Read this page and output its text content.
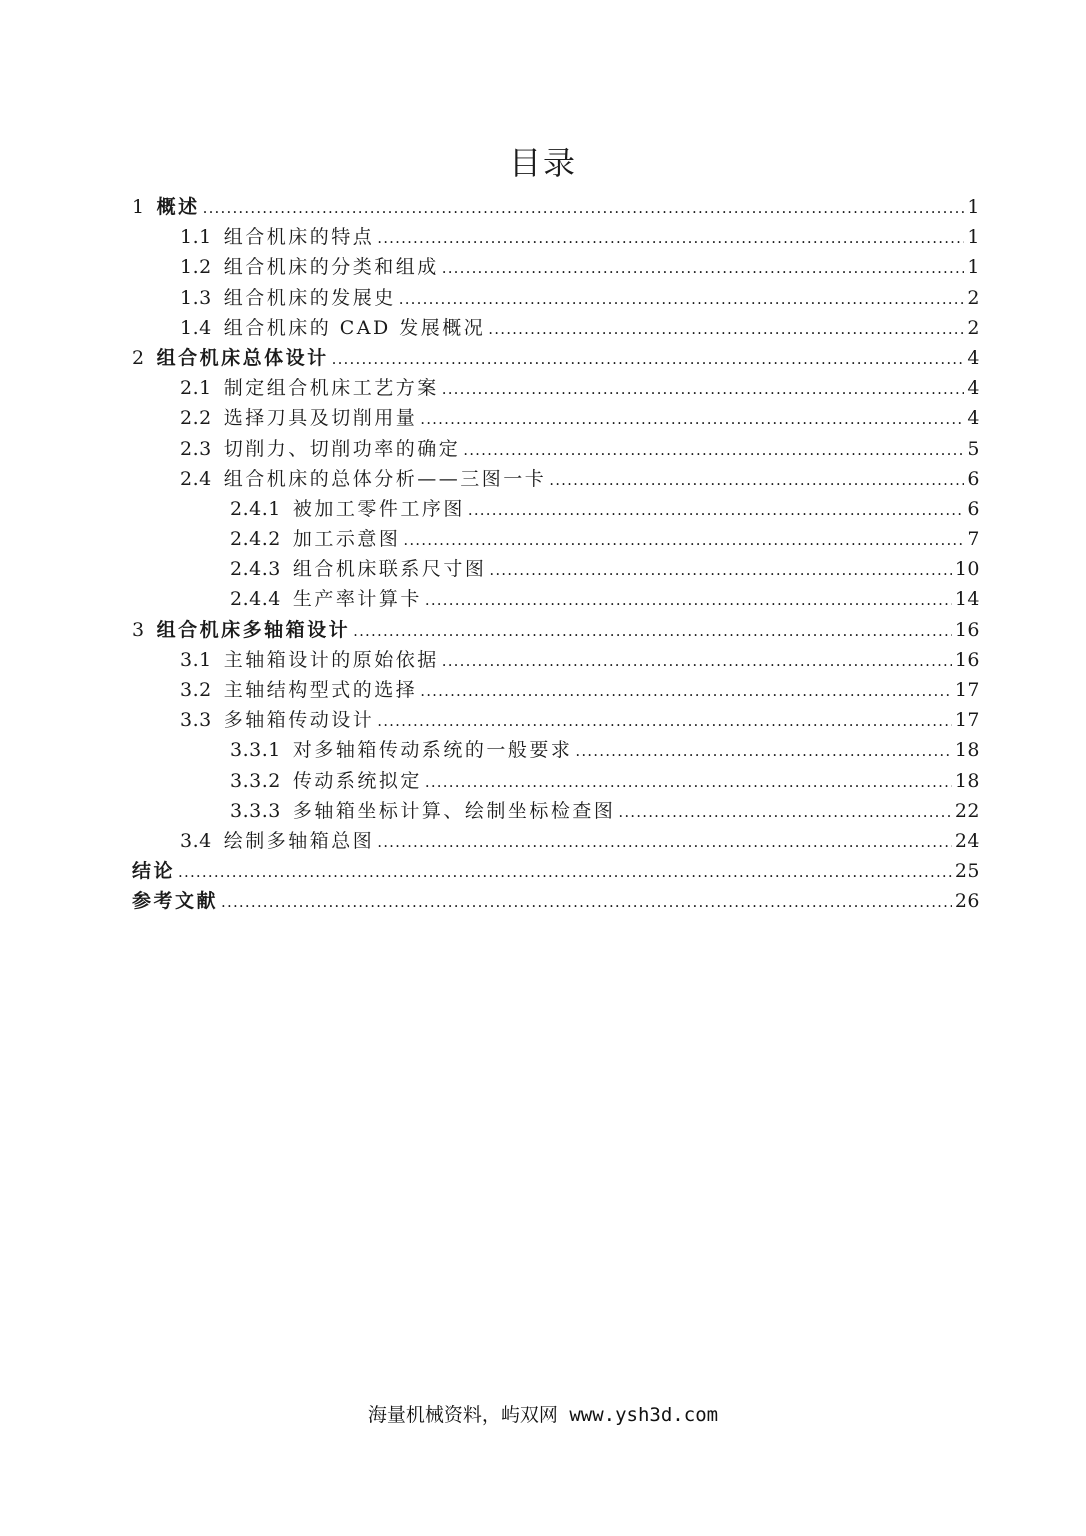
目录
1 概述 .....	1
1.1 组合机床的特点 .....	1
1.2 组合机床的分类和组成 .....	1
1.3 组合机床的发展史 .....	2
1.4 组合机床的 CAD 发展概况 .....	2
2 组合机床总体设计 .....	4
2.1 制定组合机床工艺方案 .....	4
2.2 选择刀具及切削用量 .....	4
2.3 切削力、切削功率的确定 .....	5
2.4 组合机床的总体分析——三图一卡 .....	6
2.4.1 被加工零件工序图 .....	6
2.4.2 加工示意图 .....	7
2.4.3 组合机床联系尺寸图 .....	10
2.4.4 生产率计算卡 .....	14
3 组合机床多轴箱设计 .....	16
3.1 主轴箱设计的原始依据 .....	16
3.2 主轴结构型式的选择 .....	17
3.3 多轴箱传动设计 .....	17
3.3.1 对多轴箱传动系统的一般要求 .....	18
3.3.2 传动系统拟定 .....	18
3.3.3 多轴箱坐标计算、绘制坐标检查图 .....	22
3.4 绘制多轴箱总图 .....	24
结论 .....	25
参考文献 .....	26
海量机械资料，屿双网 www.ysh3d.com
